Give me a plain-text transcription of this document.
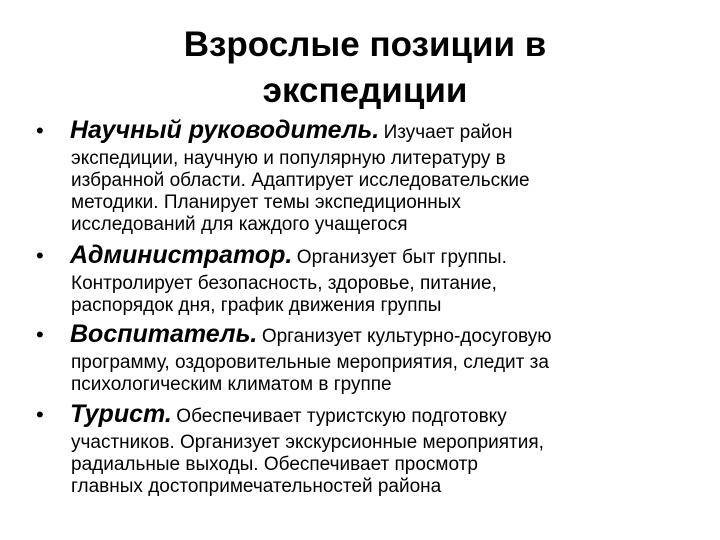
Взрослые позиции в
экспедиции
• Научный руководитель. Изучает район
экспедиции, научную и популярную литературу в
избранной области. Адаптирует исследовательские
методики. Планирует темы экспедиционных
исследований для каждого учащегося
• Администратор. Организует быт группы.
Контролирует безопасность, здоровье, питание,
распорядок дня, график движения группы
• Воспитатель. Организует культурно-досуговую
программу, оздоровительные мероприятия, следит за
психологическим климатом в группе
• Турист. Обеспечивает туристскую подготовку
участников. Организует экскурсионные мероприятия,
радиальные выходы. Обеспечивает просмотр
главных достопримечательностей района
